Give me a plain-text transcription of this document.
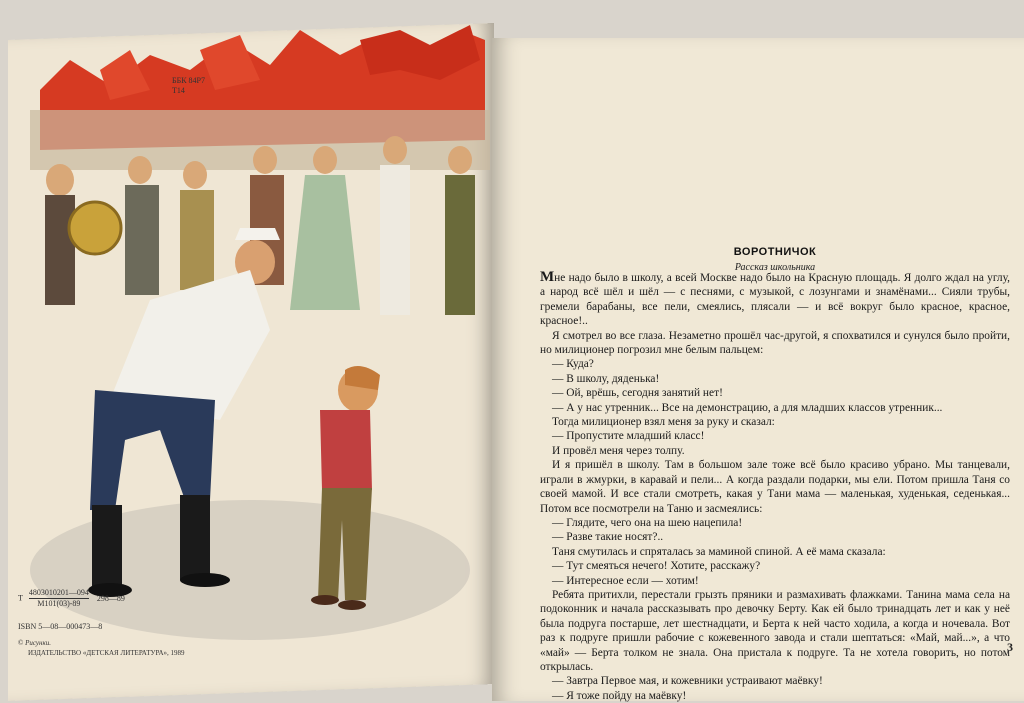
ББК 84Р7
Т14
Т
4803010201—094
М101(03)-89
298—89
ISBN 5—08—000473—8
© Рисунки.
ИЗДАТЕЛЬСТВО «ДЕТСКАЯ ЛИТЕРАТУРА», 1989
ВОРОТНИЧОК
Рассказ школьника

Мне надо было в школу, а всей Москве надо было на Красную площадь. Я долго ждал на углу, а народ всё шёл и шёл — с песнями, с музыкой, с лозунгами и знамёнами... Сияли трубы, гремели барабаны, все пели, смеялись, плясали — и всё вокруг было красное, красное, красное!..

Я смотрел во все глаза. Незаметно прошёл час-другой, я спохватился и сунулся было пройти, но милиционер погрозил мне белым пальцем:

— Куда?

— В школу, дяденька!

— Ой, врёшь, сегодня занятий нет!

— А у нас утренник... Все на демонстрацию, а для младших классов утренник...

Тогда милиционер взял меня за руку и сказал:

— Пропустите младший класс!

И провёл меня через толпу.

И я пришёл в школу. Там в большом зале тоже всё было красиво убрано. Мы танцевали, играли в жмурки, в каравай и пели... А когда раздали подарки, мы ели. Потом пришла Таня со своей мамой. И все стали смотреть, какая у Тани мама — маленькая, худенькая, седенькая... Потом все посмотрели на Таню и засмеялись:

— Глядите, чего она на шею нацепила!

— Разве такие носят?..

Таня смутилась и спряталась за маминой спиной. А её мама сказала:

— Тут смеяться нечего! Хотите, расскажу?

— Интересное если — хотим!

Ребята притихли, перестали грызть пряники и размахивать флажками. Танина мама села на подоконник и начала рассказывать про девочку Берту. Как ей было тринадцать лет и как у неё была подруга постарше, лет шестнадцати, и Берта к ней часто ходила, а когда и ночевала. Вот раз к подруге пришли рабочие с кожевенного завода и стали шептаться: «Май, май...», а что «май» — Берта толком не знала. Она пристала к подруге. Та не хотела говорить, но потом открылась.

— Завтра Первое мая, и кожевники устраивают маёвку!

— Я тоже пойду на маёвку!

3
